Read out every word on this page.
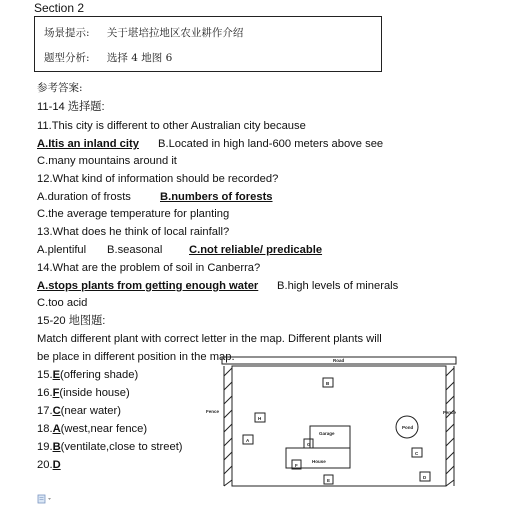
Section 2
场景提示: 关于堪培拉地区农业耕作介绍
题型分析: 选择 4 地图 6
参考答案:
11-14 选择题:
11.This city is different to other Australian city because
A.Itis an inland city B.Located in high land-600 meters above see
C.many mountains around it
12.What kind of information should be recorded?
A.duration of frosts	B.numbers of forests
C.the average temperature for planting
13.What does he think of local rainfall?
A.plentiful B.seasonal C.not reliable/ predicable
14.What are the problem of soil in Canberra?
A.stops plants from getting enough water B.high levels of minerals
C.too acid
15-20 地图题:
Match different plant with correct letter in the map. Different plants will
be place in different position in the map.
15.E(offering shade)
16.F(inside house)
17.C(near water)
18.A(west,near fence)
19.B(ventilate,close to street)
20.D
Road
Fence	Fence
Pond
Garage
House
B
H
A
G
F
E
C
D
